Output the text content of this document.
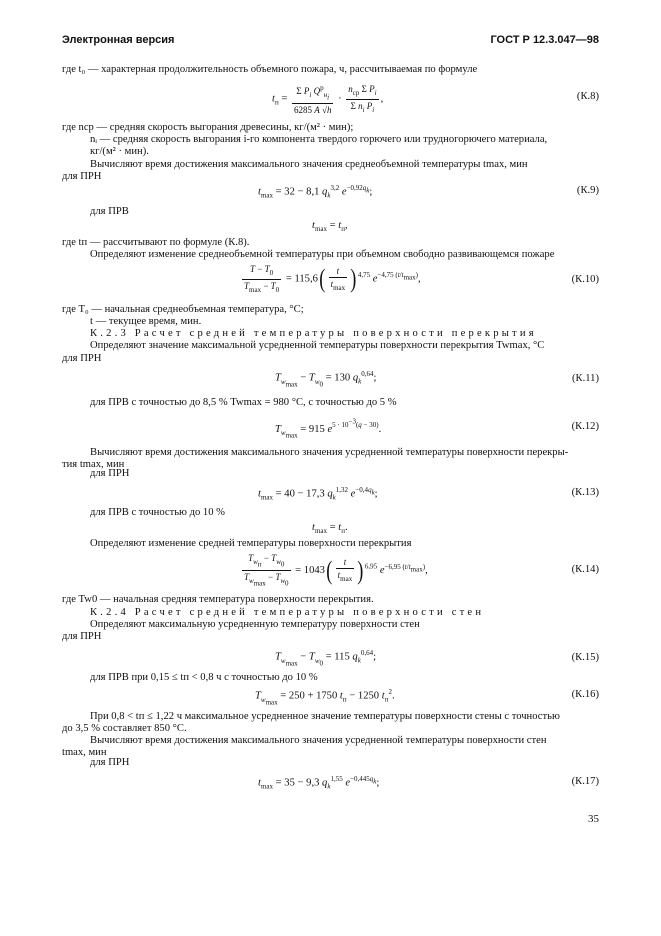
Электронная версия	ГОСТ Р 12.3.047—98
где t₀ — характерная продолжительность объемного пожара, ч, рассчитываемая по формуле
$t_п = \frac{\Sigma P_i Q^p_{н_i}}{6285 A √h} \cdot \frac{n_{ср} \Sigma P_i}{\Sigma n_i P_i}$ ,	(К.8)
где nср — средняя скорость выгорания древесины, кг/(м² · мин);
nᵢ — средняя скорость выгорания i-го компонента твердого горючего или трудногорючего материала,
кг/(м² · мин).
Вычисляют время достижения максимального значения среднеобъемной температуры tmax, мин
для ПРН
$t_{max} = 32 - 8,1$ $q_k^{3,2}$ $e^{-0,92q_k}$;	(К.9)
для ПРВ
$t_{max} = t_п$,
где tп — рассчитывают по формуле (К.8).
Определяют изменение среднеобъемной температуры при объемном свободно развивающемся пожаре
$\frac{T - T_0}{T_{max} - T_0} = 115,6( \frac{t}{t_{max}} )^{4,75}$ $e^{-4,75 (t/t_{max})}$,	(К.10)
где T₀ — начальная среднеобъемная температура, °С;
t — текущее время, мин.
К.2.3 Расчет средней температуры поверхности перекрытия
Определяют значение максимальной усредненной температуры поверхности перекрытия Twmax, °С
для ПРН
$T_{w_{max}} - T_{w_0} = 130$ $q_k^{0,64}$;	(К.11)
для ПРВ с точностью до 8,5 % Twmax = 980 °С, с точностью до 5 %
$T_{w_{max}} = 915$ $e^{5 \cdot 10^{-3}(q - 30)}$.	(К.12)
Вычисляют время достижения максимального значения усредненной температуры поверхности перекры-
тия tmax, мин
для ПРН
$t_{max} = 40 - 17,3$ $q_k^{1,32}$ $e^{-0,4q_k}$;	(К.13)
для ПРВ с точностью до 10 %
$t_{max} = t_п$.
Определяют изменение средней температуры поверхности перекрытия
$\frac{T_{w_п} - T_{w_0}}{T_{w_{max}} - T_{w_0}} = 1043( \frac{t}{t_{max}} )^{6,95}$ $e^{-6,95 (t/t_{max})}$,	(К.14)
где Tw0 — начальная средняя температура поверхности перекрытия.
К.2.4 Расчет средней температуры поверхности стен
Определяют максимальную усредненную температуру поверхности стен
для ПРН
$T_{w_{max}} - T_{w_0} = 115$ $q_k^{0,64}$;	(К.15)
для ПРВ при 0,15 ≤ tп < 0,8 ч с точностью до 10 %
$T_{w_{max}} = 250 + 1750$ $t_п - 1250$ $t_п^2$.	(К.16)
При 0,8 < tп ≤ 1,22 ч максимальное усредненное значение температуры поверхности стены с точностью
до 3,5 % составляет 850 °С.
Вычисляют время достижения максимального значения усредненной температуры поверхности стен
tmax, мин
для ПРН
$t_{max} = 35 - 9,3$ $q_k^{1,55}$ $e^{-0,445q_k}$;	(К.17)
35
